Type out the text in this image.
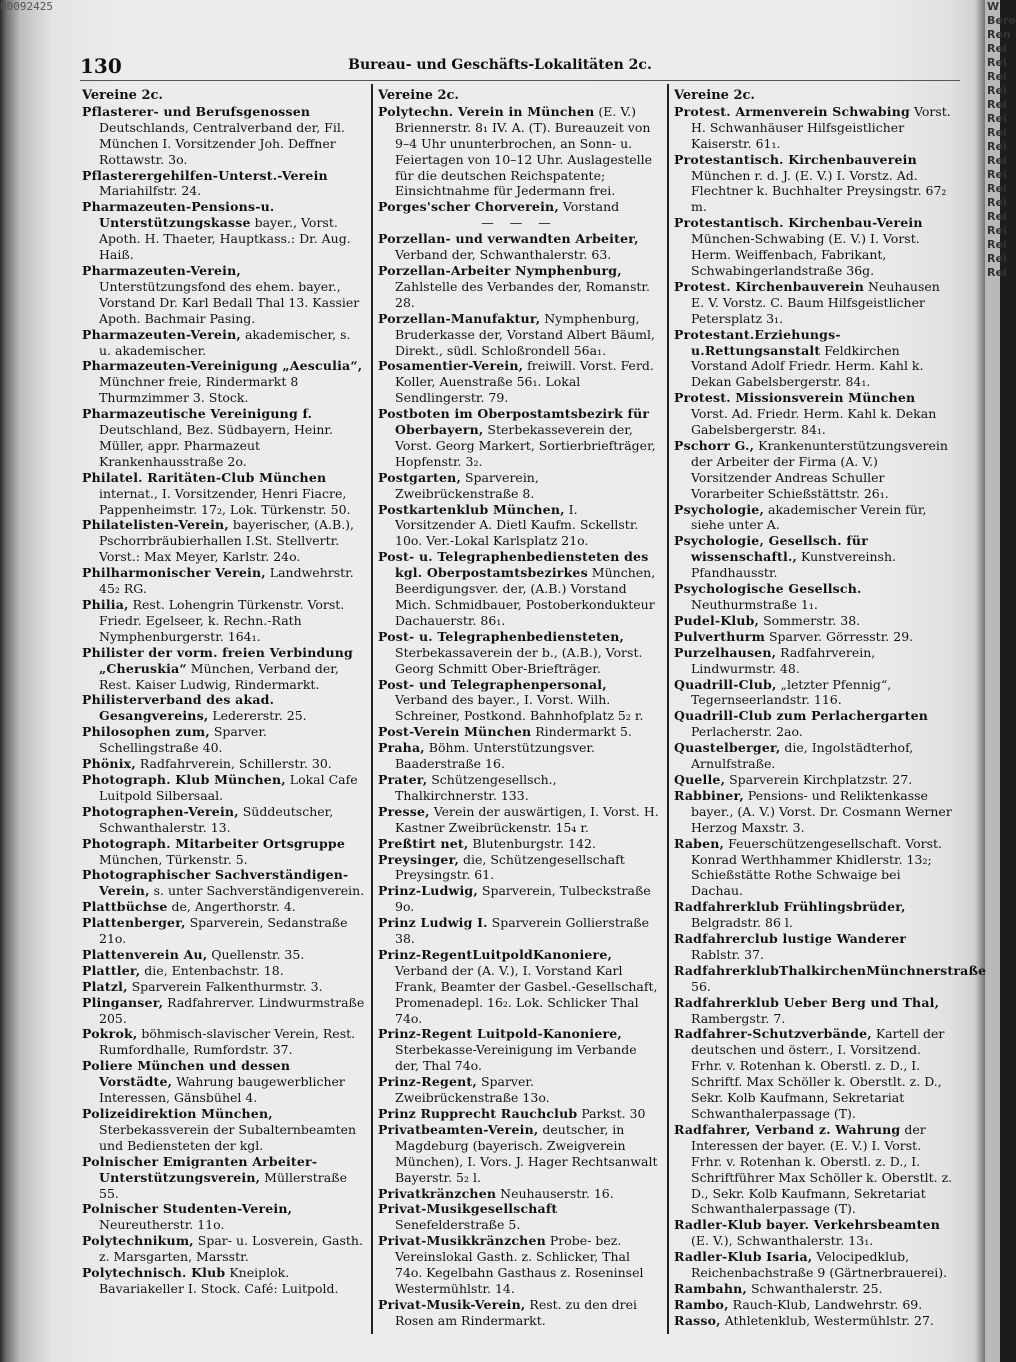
W
Bere
Ren
Rei
Rel
Rei
Rei
Rei
Rei
Rei
Rei
Rei
Rei
Rei
Rei
Rei
Rei
Rei
Rei
Rei
00092425
130	Bureau- und Geschäfts-Lokalitäten 2c.
Vereine 2c.
Pflasterer- und Berufsgenossen Deutschlands, Centralverband der, Fil. München I. Vorsitzender Joh. Deffner Rottawstr. 3o.
Pflasterergehilfen-Unterst.-Verein Mariahilfstr. 24.
Pharmazeuten-Pensions-u. Unterstützungskasse bayer., Vorst. Apoth. H. Thaeter, Hauptkass.: Dr. Aug. Haiß.
Pharmazeuten-Verein, Unterstützungsfond des ehem. bayer., Vorstand Dr. Karl Bedall Thal 13. Kassier Apoth. Bachmair Pasing.
Pharmazeuten-Verein, akademischer, s. u. akademischer.
Pharmazeuten-Vereinigung „Aesculia“, Münchner freie, Rindermarkt 8 Thurmzimmer 3. Stock.
Pharmazeutische Vereinigung f. Deutschland, Bez. Südbayern, Heinr. Müller, appr. Pharmazeut Krankenhausstraße 2o.
Philatel. Raritäten-Club München internat., I. Vorsitzender, Henri Fiacre, Pappenheimstr. 17₂, Lok. Türkenstr. 50.
Philatelisten-Verein, bayerischer, (A.B.), Pschorrbräubierhallen I.St. Stellvertr. Vorst.: Max Meyer, Karlstr. 24o.
Philharmonischer Verein, Landwehrstr. 45₂ RG.
Philia, Rest. Lohengrin Türkenstr. Vorst. Friedr. Egelseer, k. Rechn.-Rath Nymphenburgerstr. 164₁.
Philister der vorm. freien Verbindung „Cheruskia“ München, Verband der, Rest. Kaiser Ludwig, Rindermarkt.
Philisterverband des akad. Gesangvereins, Ledererstr. 25.
Philosophen zum, Sparver. Schellingstraße 40.
Phönix, Radfahrverein, Schillerstr. 30.
Photograph. Klub München, Lokal Cafe Luitpold Silbersaal.
Photographen-Verein, Süddeutscher, Schwanthalerstr. 13.
Photograph. Mitarbeiter Ortsgruppe München, Türkenstr. 5.
Photographischer Sachverständigen-Verein, s. unter Sachverständigenverein.
Plattbüchse de, Angerthorstr. 4.
Plattenberger, Sparverein, Sedanstraße 21o.
Plattenverein Au, Quellenstr. 35.
Plattler, die, Entenbachstr. 18.
Platzl, Sparverein Falkenthurmstr. 3.
Plinganser, Radfahrerver. Lindwurmstraße 205.
Pokrok, böhmisch-slavischer Verein, Rest. Rumfordhalle, Rumfordstr. 37.
Poliere München und dessen Vorstädte, Wahrung baugewerblicher Interessen, Gänsbühel 4.
Polizeidirektion München, Sterbekassverein der Subalternbeamten und Bediensteten der kgl.
Polnischer Emigranten Arbeiter-Unterstützungsverein, Müllerstraße 55.
Polnischer Studenten-Verein, Neureutherstr. 11o.
Polytechnikum, Spar- u. Losverein, Gasth. z. Marsgarten, Marsstr.
Polytechnisch. Klub Kneiplok. Bavariakeller I. Stock. Café: Luitpold.
Vereine 2c.
Polytechn. Verein in München (E. V.) Briennerstr. 8₁ IV. A. (T). Bureauzeit von 9–4 Uhr ununterbrochen, an Sonn- u. Feiertagen von 10–12 Uhr. Auslagestelle für die deutschen Reichspatente; Einsichtnahme für Jedermann frei.
Porges'scher Chorverein, Vorstand
— — —
Porzellan- und verwandten Arbeiter, Verband der, Schwanthalerstr. 63.
Porzellan-Arbeiter Nymphenburg, Zahlstelle des Verbandes der, Romanstr. 28.
Porzellan-Manufaktur, Nymphenburg, Bruderkasse der, Vorstand Albert Bäuml, Direkt., südl. Schloßrondell 56a₁.
Posamentier-Verein, freiwill. Vorst. Ferd. Koller, Auenstraße 56₁. Lokal Sendlingerstr. 79.
Postboten im Oberpostamtsbezirk für Oberbayern, Sterbekasseverein der, Vorst. Georg Markert, Sortierbriefträger, Hopfenstr. 3₂.
Postgarten, Sparverein, Zweibrückenstraße 8.
Postkartenklub München, I. Vorsitzender A. Dietl Kaufm. Sckellstr. 10o. Ver.-Lokal Karlsplatz 21o.
Post- u. Telegraphenbediensteten des kgl. Oberpostamtsbezirkes München, Beerdigungsver. der, (A.B.) Vorstand Mich. Schmidbauer, Postoberkondukteur Dachauerstr. 86₁.
Post- u. Telegraphenbediensteten, Sterbekassaverein der b., (A.B.), Vorst. Georg Schmitt Ober-Briefträger.
Post- und Telegraphenpersonal, Verband des bayer., I. Vorst. Wilh. Schreiner, Postkond. Bahnhofplatz 5₂ r.
Post-Verein München Rindermarkt 5.
Praha, Böhm. Unterstützungsver. Baaderstraße 16.
Prater, Schützengesellsch., Thalkirchnerstr. 133.
Presse, Verein der auswärtigen, I. Vorst. H. Kastner Zweibrückenstr. 15₄ r.
Preßtirt net, Blutenburgstr. 142.
Preysinger, die, Schützengesellschaft Preysingstr. 61.
Prinz-Ludwig, Sparverein, Tulbeckstraße 9o.
Prinz Ludwig I. Sparverein Gollierstraße 38.
Prinz-RegentLuitpoldKanoniere, Verband der (A. V.), I. Vorstand Karl Frank, Beamter der Gasbel.-Gesellschaft, Promenadepl. 16₂. Lok. Schlicker Thal 74o.
Prinz-Regent Luitpold-Kanoniere, Sterbekasse-Vereinigung im Verbande der, Thal 74o.
Prinz-Regent, Sparver. Zweibrückenstraße 13o.
Prinz Rupprecht Rauchclub Parkst. 30
Privatbeamten-Verein, deutscher, in Magdeburg (bayerisch. Zweigverein München), I. Vors. J. Hager Rechtsanwalt Bayerstr. 5₂ l.
Privatkränzchen Neuhauserstr. 16.
Privat-Musikgesellschaft Senefelderstraße 5.
Privat-Musikkränzchen Probe- bez. Vereinslokal Gasth. z. Schlicker, Thal 74o. Kegelbahn Gasthaus z. Roseninsel Westermühlstr. 14.
Privat-Musik-Verein, Rest. zu den drei Rosen am Rindermarkt.
Vereine 2c.
Protest. Armenverein Schwabing Vorst. H. Schwanhäuser Hilfsgeistlicher Kaiserstr. 61₁.
Protestantisch. Kirchenbauverein München r. d. J. (E. V.) I. Vorstz. Ad. Flechtner k. Buchhalter Preysingstr. 67₂ m.
Protestantisch. Kirchenbau-Verein München-Schwabing (E. V.) I. Vorst. Herm. Weiffenbach, Fabrikant, Schwabingerlandstraße 36g.
Protest. Kirchenbauverein Neuhausen E. V. Vorstz. C. Baum Hilfsgeistlicher Petersplatz 3₁.
Protestant.Erziehungs-u.Rettungsanstalt Feldkirchen Vorstand Adolf Friedr. Herm. Kahl k. Dekan Gabelsbergerstr. 84₁.
Protest. Missionsverein München Vorst. Ad. Friedr. Herm. Kahl k. Dekan Gabelsbergerstr. 84₁.
Pschorr G., Krankenunterstützungsverein der Arbeiter der Firma (A. V.) Vorsitzender Andreas Schuller Vorarbeiter Schießstättstr. 26₁.
Psychologie, akademischer Verein für, siehe unter A.
Psychologie, Gesellsch. für wissenschaftl., Kunstvereinsh. Pfandhausstr.
Psychologische Gesellsch. Neuthurmstraße 1₁.
Pudel-Klub, Sommerstr. 38.
Pulverthurm Sparver. Görresstr. 29.
Purzelhausen, Radfahrverein, Lindwurmstr. 48.
Quadrill-Club, „letzter Pfennig“, Tegernseerlandstr. 116.
Quadrill-Club zum Perlachergarten Perlacherstr. 2ao.
Quastelberger, die, Ingolstädterhof, Arnulfstraße.
Quelle, Sparverein Kirchplatzstr. 27.
Rabbiner, Pensions- und Reliktenkasse bayer., (A. V.) Vorst. Dr. Cosmann Werner Herzog Maxstr. 3.
Raben, Feuerschützengesellschaft. Vorst. Konrad Werthhammer Khidlerstr. 13₂; Schießstätte Rothe Schwaige bei Dachau.
Radfahrerklub Frühlingsbrüder, Belgradstr. 86 l.
Radfahrerclub lustige Wanderer Rablstr. 37.
RadfahrerklubThalkirchenMünchnerstraße 56.
Radfahrerklub Ueber Berg und Thal, Rambergstr. 7.
Radfahrer-Schutzverbände, Kartell der deutschen und österr., I. Vorsitzend. Frhr. v. Rotenhan k. Oberstl. z. D., I. Schriftf. Max Schöller k. Oberstlt. z. D., Sekr. Kolb Kaufmann, Sekretariat Schwanthalerpassage (T).
Radfahrer, Verband z. Wahrung der Interessen der bayer. (E. V.) I. Vorst. Frhr. v. Rotenhan k. Oberstl. z. D., I. Schriftführer Max Schöller k. Oberstlt. z. D., Sekr. Kolb Kaufmann, Sekretariat Schwanthalerpassage (T).
Radler-Klub bayer. Verkehrsbeamten (E. V.), Schwanthalerstr. 13₁.
Radler-Klub Isaria, Velocipedklub, Reichenbachstraße 9 (Gärtnerbrauerei).
Rambahn, Schwanthalerstr. 25.
Rambo, Rauch-Klub, Landwehrstr. 69.
Rasso, Athletenklub, Westermühlstr. 27.
